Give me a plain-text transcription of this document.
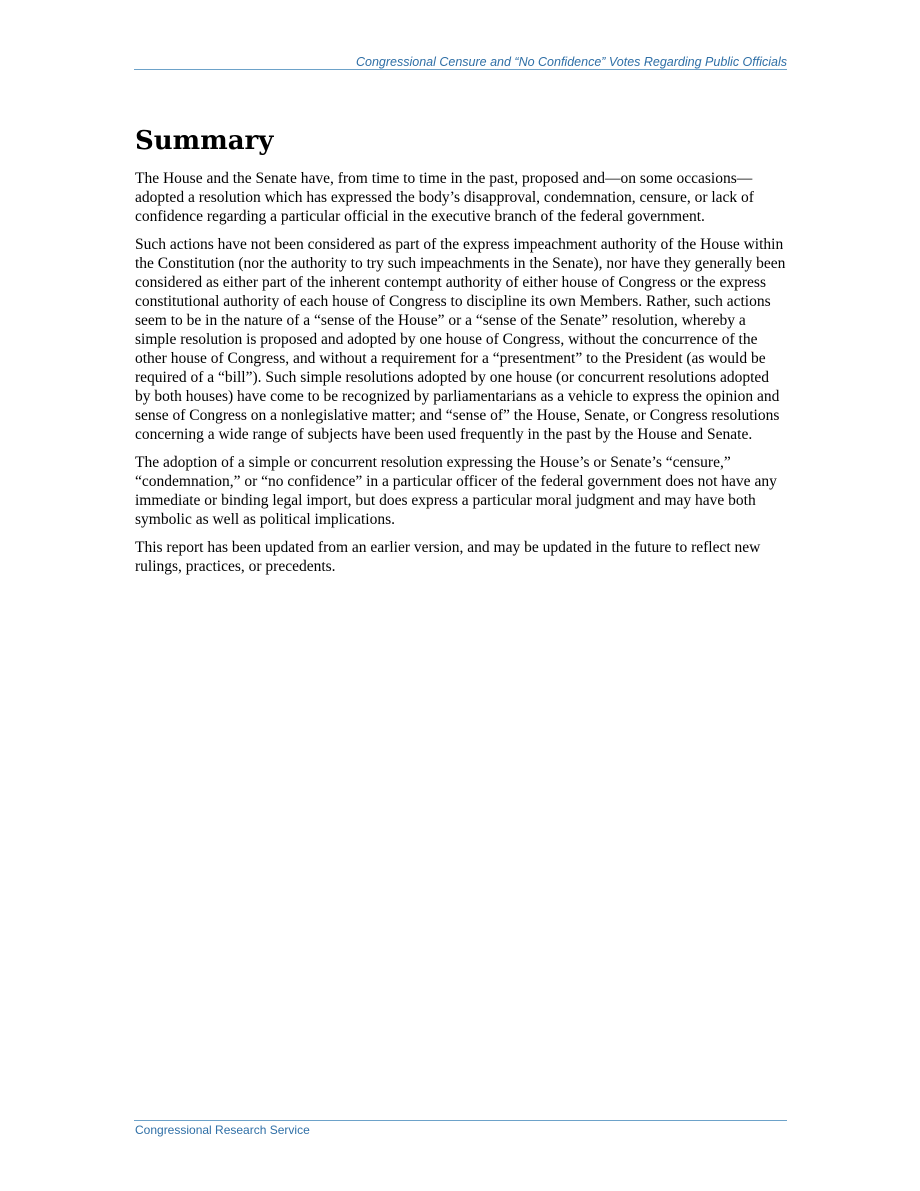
Congressional Censure and “No Confidence” Votes Regarding Public Officials
Summary

The House and the Senate have, from time to time in the past, proposed and—on some occasions—adopted a resolution which has expressed the body’s disapproval, condemnation, censure, or lack of confidence regarding a particular official in the executive branch of the federal government.

Such actions have not been considered as part of the express impeachment authority of the House within the Constitution (nor the authority to try such impeachments in the Senate), nor have they generally been considered as either part of the inherent contempt authority of either house of Congress or the express constitutional authority of each house of Congress to discipline its own Members. Rather, such actions seem to be in the nature of a “sense of the House” or a “sense of the Senate” resolution, whereby a simple resolution is proposed and adopted by one house of Congress, without the concurrence of the other house of Congress, and without a requirement for a “presentment” to the President (as would be required of a “bill”). Such simple resolutions adopted by one house (or concurrent resolutions adopted by both houses) have come to be recognized by parliamentarians as a vehicle to express the opinion and sense of Congress on a nonlegislative matter; and “sense of” the House, Senate, or Congress resolutions concerning a wide range of subjects have been used frequently in the past by the House and Senate.

The adoption of a simple or concurrent resolution expressing the House’s or Senate’s “censure,” “condemnation,” or “no confidence” in a particular officer of the federal government does not have any immediate or binding legal import, but does express a particular moral judgment and may have both symbolic as well as political implications.

This report has been updated from an earlier version, and may be updated in the future to reflect new rulings, practices, or precedents.

Congressional Research Service
